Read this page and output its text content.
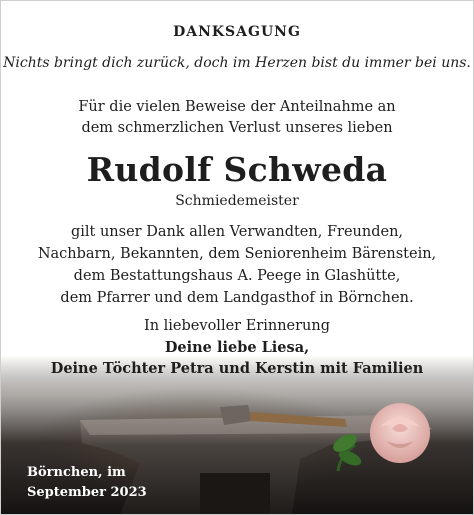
DANKSAGUNG
Nichts bringt dich zurück, doch im Herzen bist du immer bei uns.
Für die vielen Beweise der Anteilnahme an
dem schmerzlichen Verlust unseres lieben
Rudolf Schweda
Schmiedemeister
gilt unser Dank allen Verwandten, Freunden,
Nachbarn, Bekannten, dem Seniorenheim Bärenstein,
dem Bestattungshaus A. Peege in Glashütte,
dem Pfarrer und dem Landgasthof in Börnchen.
In liebevoller Erinnerung
Deine liebe Liesa,
Deine Töchter Petra und Kerstin mit Familien
Börnchen, im
September 2023
